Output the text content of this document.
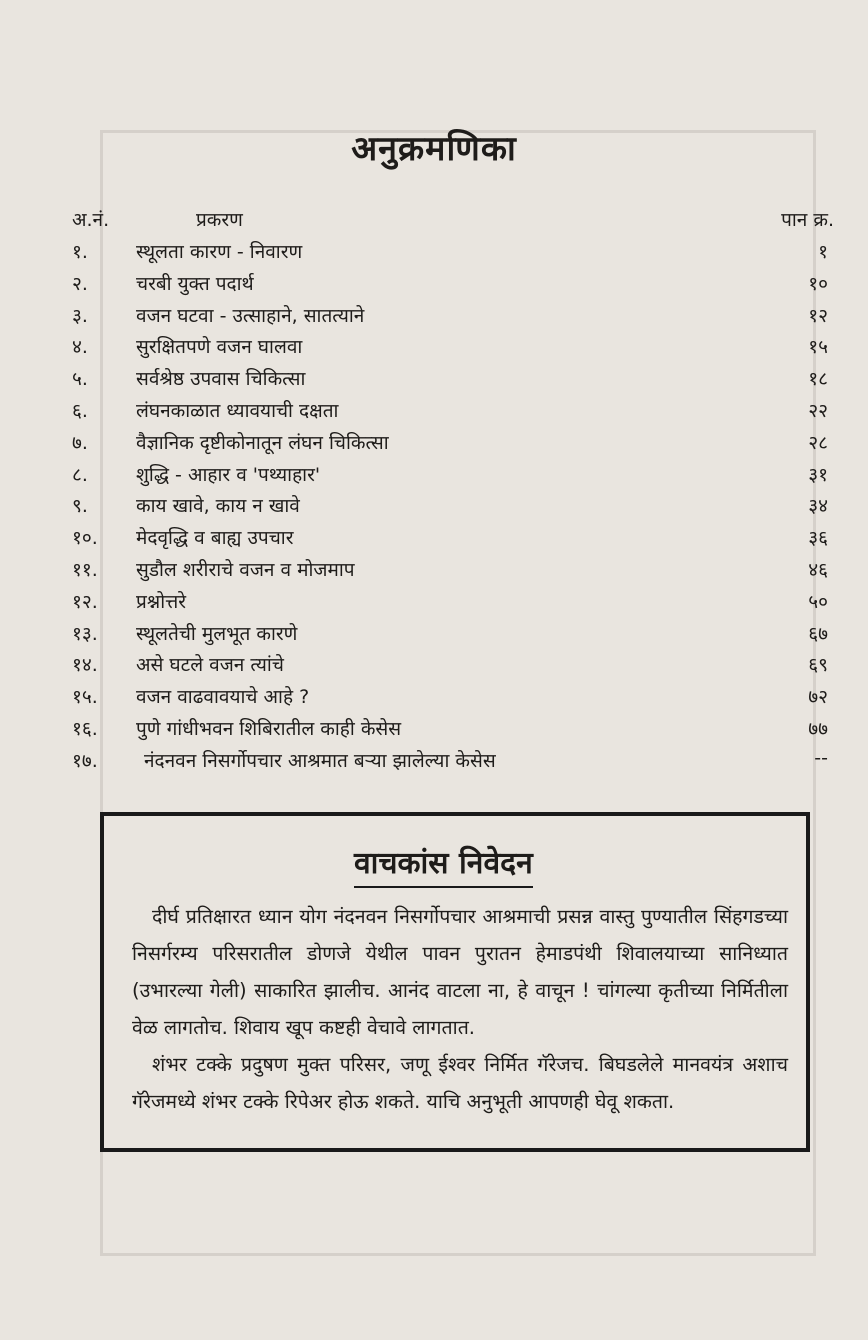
अनुक्रमणिका
अ.नं.	प्रकरण	पान क्र.
१.	स्थूलता कारण - निवारण	१
२.	चरबी युक्त पदार्थ	१०
३.	वजन घटवा - उत्साहाने, सातत्याने	१२
४.	सुरक्षितपणे वजन घालवा	१५
५.	सर्वश्रेष्ठ उपवास चिकित्सा	१८
६.	लंघनकाळात ध्यावयाची दक्षता	२२
७.	वैज्ञानिक दृष्टीकोनातून लंघन चिकित्सा	२८
८.	शुद्धि - आहार व 'पथ्याहार'	३१
९.	काय खावे, काय न खावे	३४
१०. मेदवृद्धि व बाह्य उपचार	३६
११. सुडौल शरीराचे वजन व मोजमाप	४६
१२. प्रश्नोत्तरे	५०
१३. स्थूलतेची मुलभूत कारणे	६७
१४. असे घटले वजन त्यांचे	६९
१५. वजन वाढवावयाचे आहे ?	७२
१६. पुणे गांधीभवन शिबिरातील काही केसेस	७७
१७. नंदनवन निसर्गोपचार आश्रमात बऱ्या झालेल्या केसेस	--
वाचकांस निवेदन

दीर्घ प्रतिक्षारत ध्यान योग नंदनवन निसर्गोपचार आश्रमाची प्रसन्न वास्तु पुण्यातील सिंहगडच्या निसर्गरम्य परिसरातील डोणजे येथील पावन पुरातन हेमाडपंथी शिवालयाच्या सानिध्यात (उभारल्या गेली) साकारित झालीच. आनंद वाटला ना, हे वाचून ! चांगल्या कृतीच्या निर्मितीला वेळ लागतोच. शिवाय खूप कष्टही वेचावे लागतात.

शंभर टक्के प्रदुषण मुक्त परिसर, जणू ईश्वर निर्मित गॅरेजच. बिघडलेले मानवयंत्र अशाच गॅरेजमध्ये शंभर टक्के रिपेअर होऊ शकते. याचि अनुभूती आपणही घेवू शकता.
